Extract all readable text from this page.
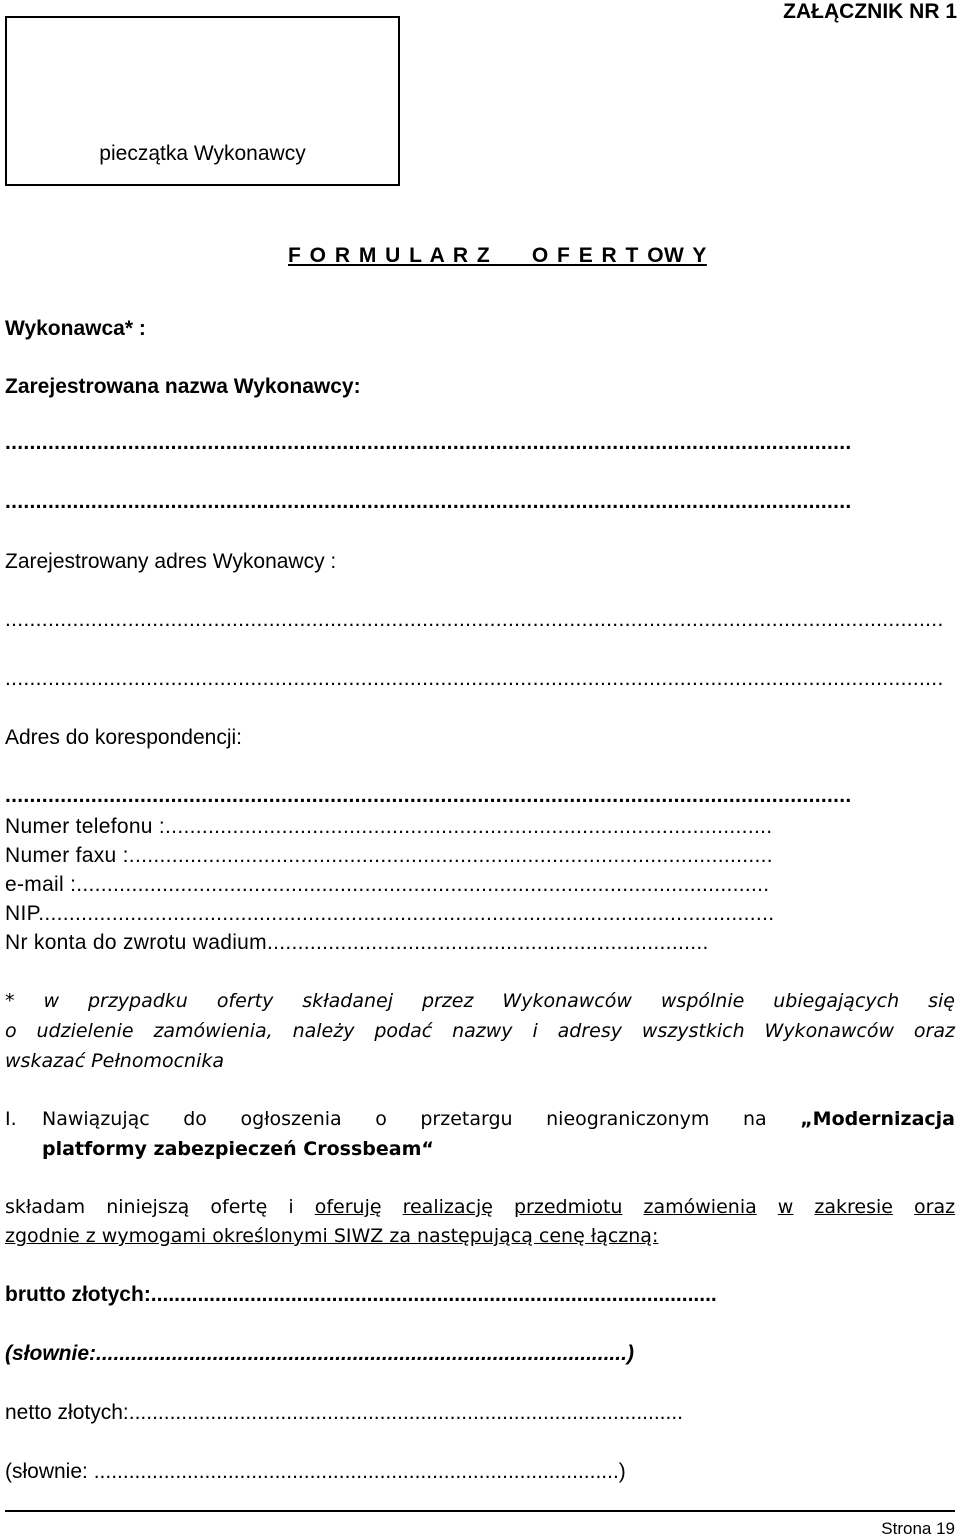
pieczątka Wykonawcy
ZAŁĄCZNIK NR 1
F O R M U L A R Z     O F E R T OW Y
Wykonawca* :
Zarejestrowana nazwa Wykonawcy:
..........................................................................................................................................
..........................................................................................................................................
Zarejestrowany adres Wykonawcy :
.........................................................................................................................................................
.........................................................................................................................................................
Adres do korespondencji:
..........................................................................................................................................
Numer telefonu :...................................................................................................
Numer faxu :.........................................................................................................
e-mail :.................................................................................................................
NIP........................................................................................................................
Nr konta do zwrotu wadium........................................................................
* w przypadku oferty składanej przez Wykonawców wspólnie ubiegających się
o udzielenie zamówienia, należy podać nazwy i adresy wszystkich Wykonawców oraz
wskazać Pełnomocnika
I. Nawiązując do ogłoszenia o przetargu nieograniczonym na „Modernizacja
platformy zabezpieczeń Crossbeam“
składam niniejszą ofertę i oferuję realizację przedmiotu zamówienia w zakresie oraz
zgodnie z wymogami określonymi SIWZ za następującą cenę łączną:
brutto złotych:.................................................................................................
(słownie:...........................................................................................)
netto złotych:...............................................................................................
(słownie: ..........................................................................................)
Strona 19
